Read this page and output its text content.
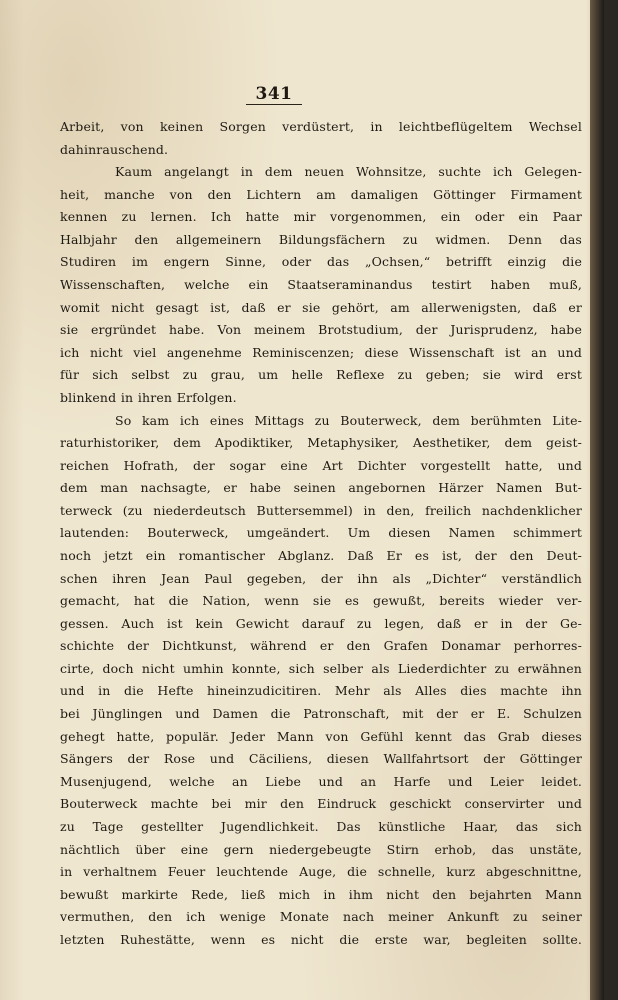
341
Arbeit, von keinen Sorgen verdüstert, in leichtbeflügeltem Wechsel
dahinrauschend.
Kaum angelangt in dem neuen Wohnsitze, suchte ich Gelegen-
heit, manche von den Lichtern am damaligen Göttinger Firmament
kennen zu lernen. Ich hatte mir vorgenommen, ein oder ein Paar
Halbjahr den allgemeinern Bildungsfächern zu widmen. Denn das
Studiren im engern Sinne, oder das „Ochsen,“ betrifft einzig die
Wissenschaften, welche ein Staatseraminandus testirt haben muß,
womit nicht gesagt ist, daß er sie gehört, am allerwenigsten, daß er
sie ergründet habe. Von meinem Brotstudium, der Jurisprudenz, habe
ich nicht viel angenehme Reminiscenzen; diese Wissenschaft ist an und
für sich selbst zu grau, um helle Reflexe zu geben; sie wird erst
blinkend in ihren Erfolgen.
So kam ich eines Mittags zu Bouterweck, dem berühmten Lite-
raturhistoriker, dem Apodiktiker, Metaphysiker, Aesthetiker, dem geist-
reichen Hofrath, der sogar eine Art Dichter vorgestellt hatte, und
dem man nachsagte, er habe seinen angebornen Härzer Namen But-
terweck (zu niederdeutsch Buttersemmel) in den, freilich nachdenklicher
lautenden: Bouterweck, umgeändert. Um diesen Namen schimmert
noch jetzt ein romantischer Abglanz. Daß Er es ist, der den Deut-
schen ihren Jean Paul gegeben, der ihn als „Dichter“ verständlich
gemacht, hat die Nation, wenn sie es gewußt, bereits wieder ver-
gessen. Auch ist kein Gewicht darauf zu legen, daß er in der Ge-
schichte der Dichtkunst, während er den Grafen Donamar perhorres-
cirte, doch nicht umhin konnte, sich selber als Liederdichter zu erwähnen
und in die Hefte hineinzudicitiren. Mehr als Alles dies machte ihn
bei Jünglingen und Damen die Patronschaft, mit der er E. Schulzen
gehegt hatte, populär. Jeder Mann von Gefühl kennt das Grab dieses
Sängers der Rose und Cäciliens, diesen Wallfahrtsort der Göttinger
Musenjugend, welche an Liebe und an Harfe und Leier leidet.
Bouterweck machte bei mir den Eindruck geschickt conservirter und
zu Tage gestellter Jugendlichkeit. Das künstliche Haar, das sich
nächtlich über eine gern niedergebeugte Stirn erhob, das unstäte,
in verhaltnem Feuer leuchtende Auge, die schnelle, kurz abgeschnittne,
bewußt markirte Rede, ließ mich in ihm nicht den bejahrten Mann
vermuthen, den ich wenige Monate nach meiner Ankunft zu seiner
letzten Ruhestätte, wenn es nicht die erste war, begleiten sollte.
